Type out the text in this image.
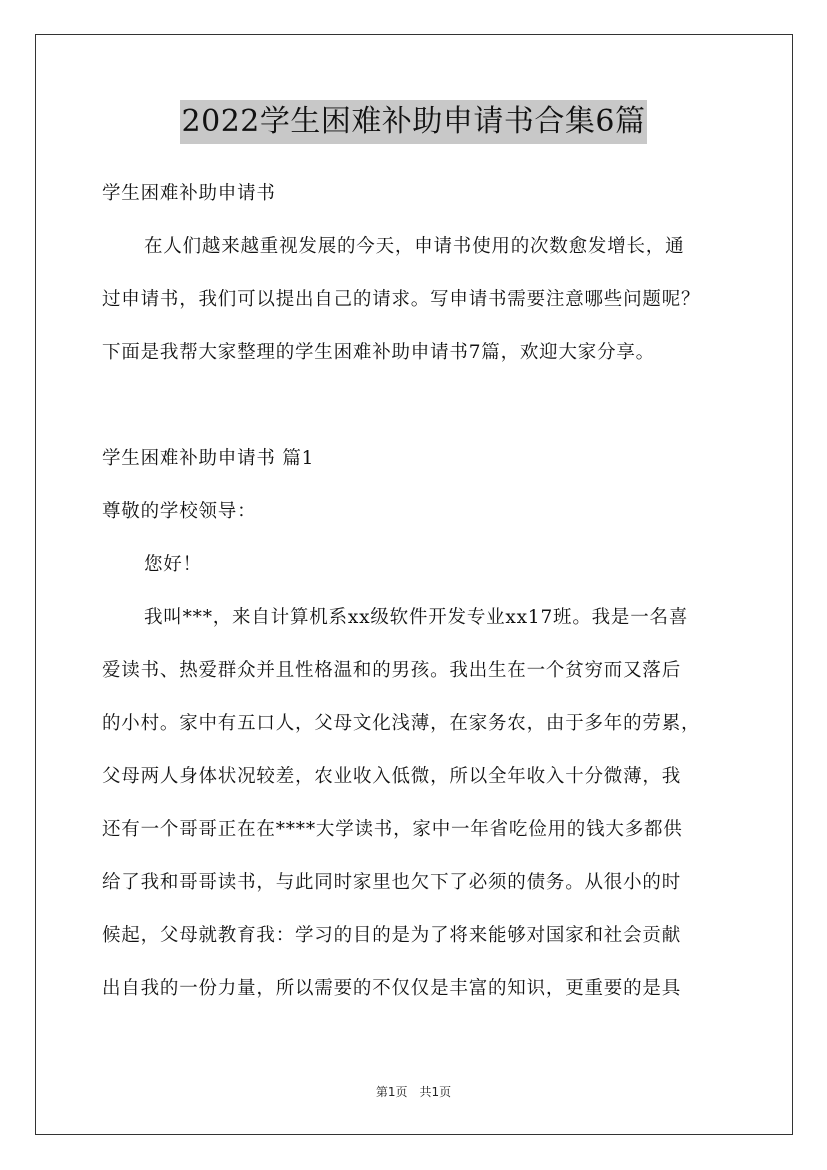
2022学生困难补助申请书合集6篇
学生困难补助申请书
在人们越来越重视发展的今天，申请书使用的次数愈发增长，通
过申请书，我们可以提出自己的请求。写申请书需要注意哪些问题呢？
下面是我帮大家整理的学生困难补助申请书7篇，欢迎大家分享。
学生困难补助申请书 篇1
尊敬的学校领导：
您好！
我叫***，来自计算机系xx级软件开发专业xx17班。我是一名喜
爱读书、热爱群众并且性格温和的男孩。我出生在一个贫穷而又落后
的小村。家中有五口人，父母文化浅薄，在家务农，由于多年的劳累，
父母两人身体状况较差，农业收入低微，所以全年收入十分微薄，我
还有一个哥哥正在在****大学读书，家中一年省吃俭用的钱大多都供
给了我和哥哥读书，与此同时家里也欠下了必须的债务。从很小的时
候起，父母就教育我：学习的目的是为了将来能够对国家和社会贡献
出自我的一份力量，所以需要的不仅仅是丰富的知识，更重要的是具
第1页　共1页
